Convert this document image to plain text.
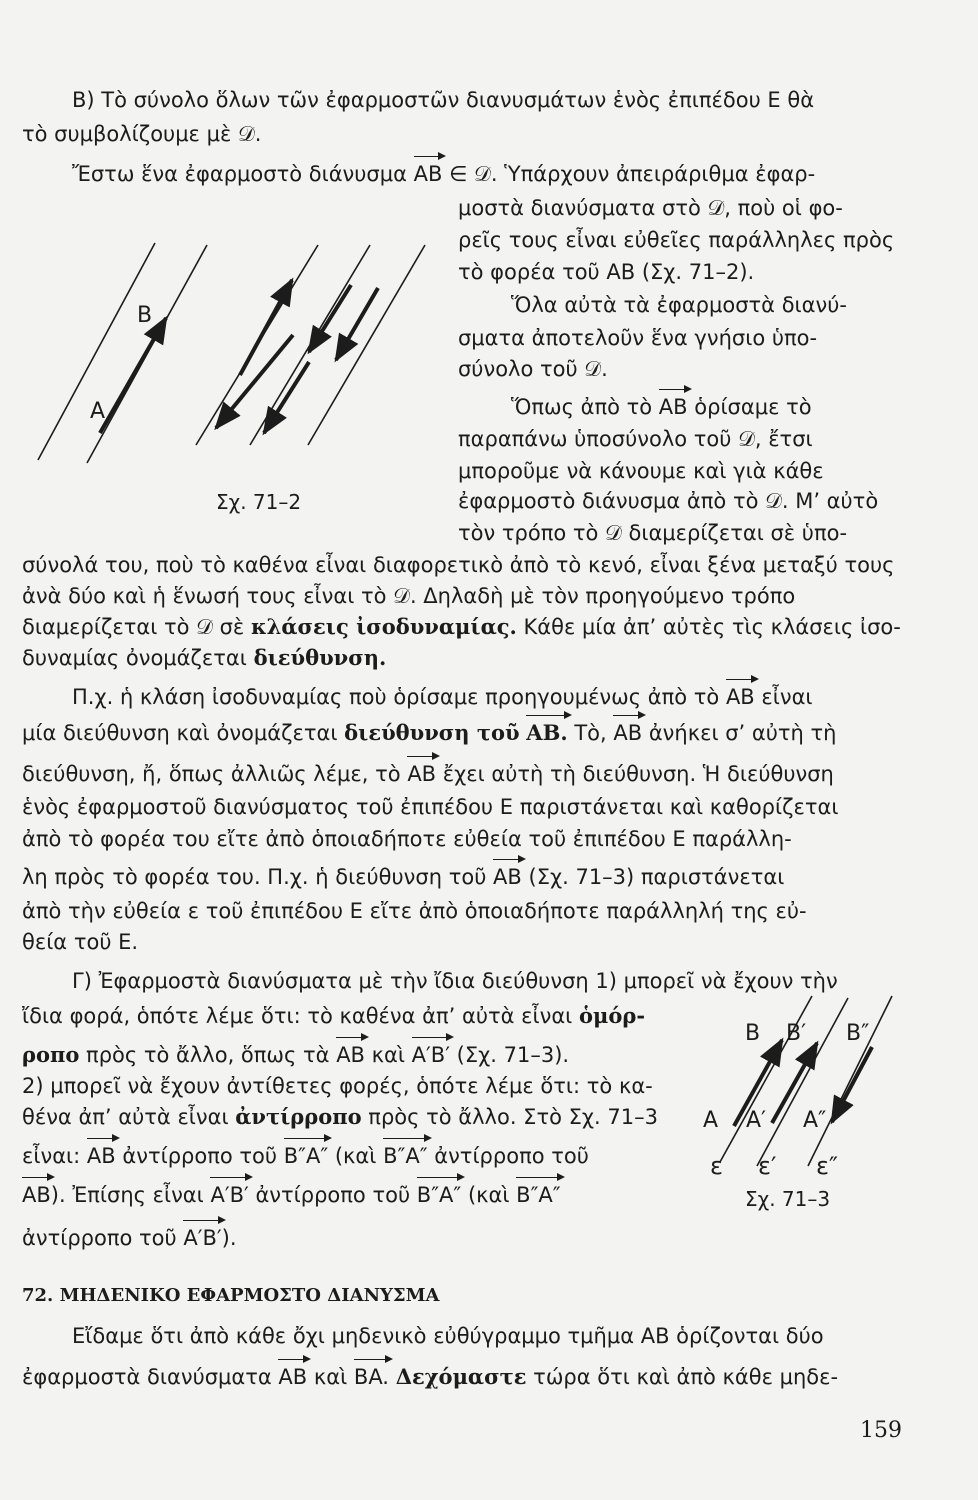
B) Τὸ σύνολο ὅλων τῶν ἐφαρμοστῶν διανυσμάτων ἑνὸς ἐπιπέδου Ε θὰ
τὸ συμβολίζουμε μὲ 𝒟.
Ἔστω ἕνα ἐφαρμοστὸ διάνυσμα AB ∈ 𝒟. Ὑπάρχουν ἀπειράριθμα ἐφαρ-
μοστὰ διανύσματα στὸ 𝒟, ποὺ οἱ φο-
ρεῖς τους εἶναι εὐθεῖες παράλληλες πρὸς
τὸ φορέα τοῦ ΑΒ (Σχ. 71–2).
Ὅλα αὐτὰ τὰ ἐφαρμοστὰ διανύ-
σματα ἀποτελοῦν ἕνα γνήσιο ὑπο-
σύνολο τοῦ 𝒟.
Ὅπως ἀπὸ τὸ AB ὁρίσαμε τὸ
παραπάνω ὑποσύνολο τοῦ 𝒟, ἔτσι
μποροῦμε νὰ κάνουμε καὶ γιὰ κάθε
ἐφαρμοστὸ διάνυσμα ἀπὸ τὸ 𝒟. Μ’ αὐτὸ
τὸν τρόπο τὸ 𝒟 διαμερίζεται σὲ ὑπο-
σύνολά του, ποὺ τὸ καθένα εἶναι διαφορετικὸ ἀπὸ τὸ κενό, εἶναι ξένα μεταξύ τους
ἀνὰ δύο καὶ ἡ ἕνωσή τους εἶναι τὸ 𝒟. Δηλαδὴ μὲ τὸν προηγούμενο τρόπο
διαμερίζεται τὸ 𝒟 σὲ κλάσεις ἰσοδυναμίας. Κάθε μία ἀπ’ αὐτὲς τὶς κλάσεις ἰσο-
δυναμίας ὀνομάζεται διεύθυνση.
Π.χ. ἡ κλάση ἰσοδυναμίας ποὺ ὁρίσαμε προηγουμένως ἀπὸ τὸ AB εἶναι
μία διεύθυνση καὶ ὀνομάζεται διεύθυνση τοῦ AB. Τὸ, AB ἀνήκει σ’ αὐτὴ τὴ
διεύθυνση, ἤ, ὅπως ἀλλιῶς λέμε, τὸ AB ἔχει αὐτὴ τὴ διεύθυνση. Ἡ διεύθυνση
ἑνὸς ἐφαρμοστοῦ διανύσματος τοῦ ἐπιπέδου Ε παριστάνεται καὶ καθορίζεται
ἀπὸ τὸ φορέα του εἴτε ἀπὸ ὁποιαδήποτε εὐθεία τοῦ ἐπιπέδου Ε παράλλη-
λη πρὸς τὸ φορέα του. Π.χ. ἡ διεύθυνση τοῦ AB (Σχ. 71–3) παριστάνεται
ἀπὸ τὴν εὐθεία ε τοῦ ἐπιπέδου Ε εἴτε ἀπὸ ὁποιαδήποτε παράλληλή της εὐ-
θεία τοῦ Ε.
Γ) Ἐφαρμοστὰ διανύσματα μὲ τὴν ἴδια διεύθυνση 1) μπορεῖ νὰ ἔχουν τὴν
ἴδια φορά, ὁπότε λέμε ὅτι: τὸ καθένα ἀπ’ αὐτὰ εἶναι ὁμόρ-
ροπο πρὸς τὸ ἄλλο, ὅπως τὰ AB καὶ A′B′ (Σχ. 71–3).
2) μπορεῖ νὰ ἔχουν ἀντίθετες φορές, ὁπότε λέμε ὅτι: τὸ κα-
θένα ἀπ’ αὐτὰ εἶναι ἀντίρροπο πρὸς τὸ ἄλλο. Στὸ Σχ. 71–3
εἶναι: AB ἀντίρροπο τοῦ B″A″ (καὶ B″A″ ἀντίρροπο τοῦ
AB). Ἐπίσης εἶναι A′B′ ἀντίρροπο τοῦ B″A″ (καὶ B″A″
ἀντίρροπο τοῦ A′B′).
72. ΜΗΔΕΝΙΚΟ ΕΦΑΡΜΟΣΤΟ ΔΙΑΝΥΣΜΑ
Εἴδαμε ὅτι ἀπὸ κάθε ὄχι μηδενικὸ εὐθύγραμμο τμῆμα ΑΒ ὁρίζονται δύο
ἐφαρμοστὰ διανύσματα AB καὶ BA. Δεχόμαστε τώρα ὅτι καὶ ἀπὸ κάθε μηδε-
159
B
A
Σχ. 71–2
B B′ B″
A A′ A″
ε ε′ ε″
Σχ. 71–3
